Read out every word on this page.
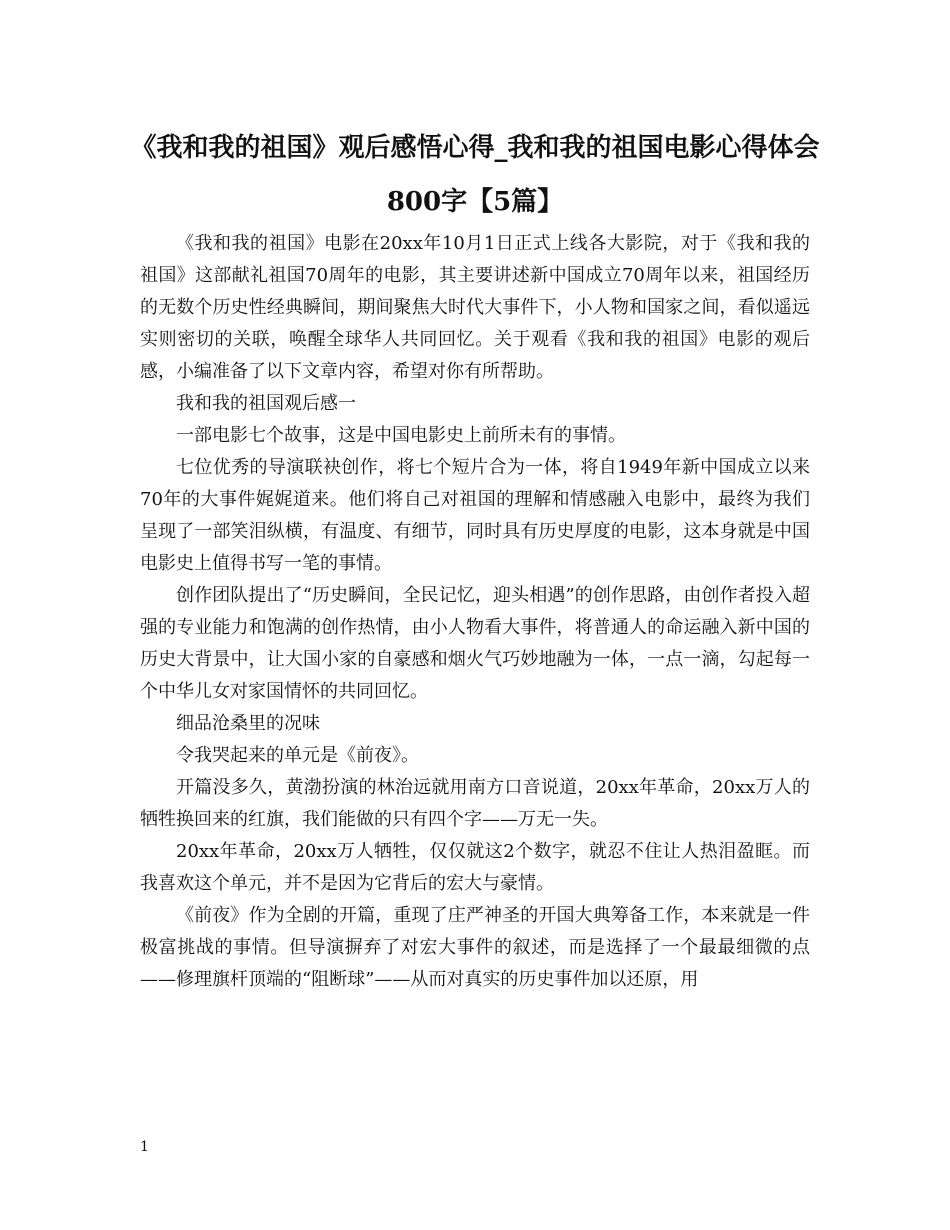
《我和我的祖国》观后感悟心得_我和我的祖国电影心得体会
800字【5篇】

《我和我的祖国》电影在20xx年10月1日正式上线各大影院，对于《我和我的祖国》这部献礼祖国70周年的电影，其主要讲述新中国成立70周年以来，祖国经历的无数个历史性经典瞬间，期间聚焦大时代大事件下，小人物和国家之间，看似遥远实则密切的关联，唤醒全球华人共同回忆。关于观看《我和我的祖国》电影的观后感，小编准备了以下文章内容，希望对你有所帮助。

我和我的祖国观后感一

一部电影七个故事，这是中国电影史上前所未有的事情。

七位优秀的导演联袂创作，将七个短片合为一体，将自1949年新中国成立以来70年的大事件娓娓道来。他们将自己对祖国的理解和情感融入电影中，最终为我们呈现了一部笑泪纵横，有温度、有细节，同时具有历史厚度的电影，这本身就是中国电影史上值得书写一笔的事情。

创作团队提出了“历史瞬间，全民记忆，迎头相遇”的创作思路，由创作者投入超强的专业能力和饱满的创作热情，由小人物看大事件，将普通人的命运融入新中国的历史大背景中，让大国小家的自豪感和烟火气巧妙地融为一体，一点一滴，勾起每一个中华儿女对家国情怀的共同回忆。

细品沧桑里的况味

令我哭起来的单元是《前夜》。

开篇没多久，黄渤扮演的林治远就用南方口音说道，20xx年革命，20xx万人的牺牲换回来的红旗，我们能做的只有四个字——万无一失。

20xx年革命，20xx万人牺牲，仅仅就这2个数字，就忍不住让人热泪盈眶。而我喜欢这个单元，并不是因为它背后的宏大与豪情。

《前夜》作为全剧的开篇，重现了庄严神圣的开国大典筹备工作，本来就是一件极富挑战的事情。但导演摒弃了对宏大事件的叙述，而是选择了一个最最细微的点——修理旗杆顶端的“阻断球”——从而对真实的历史事件加以还原，用

1
